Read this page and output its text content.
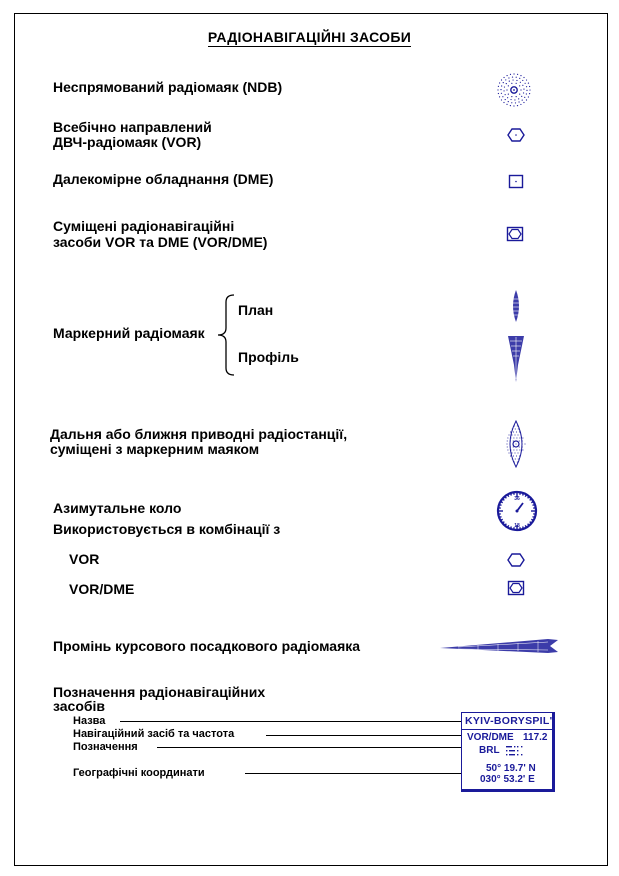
РАДІОНАВІГАЦІЙНІ ЗАСОБИ
Неспрямований радіомаяк (NDB)
Всебічно направлений
ДВЧ-радіомаяк (VOR)
Далекомірне обладнання (DME)
Суміщені радіонавігаційні
засоби VOR та DME (VOR/DME)
Маркерний радіомаяк
План
Профіль
Дальня або ближня приводні радіостанції,
суміщені з маркерним маяком
Азимутальне коло
Використовується в комбінації з
36
18
VOR
VOR/DME
Промінь курсового посадкового радіомаяка
Позначення радіонавігаційних
засобів
Назва
Навігаційний засіб та частота
Позначення
Географічні координати
KYIV-BORYSPIL'
VOR/DME 117.2
BRL
50° 19.7' N
030° 53.2' E
